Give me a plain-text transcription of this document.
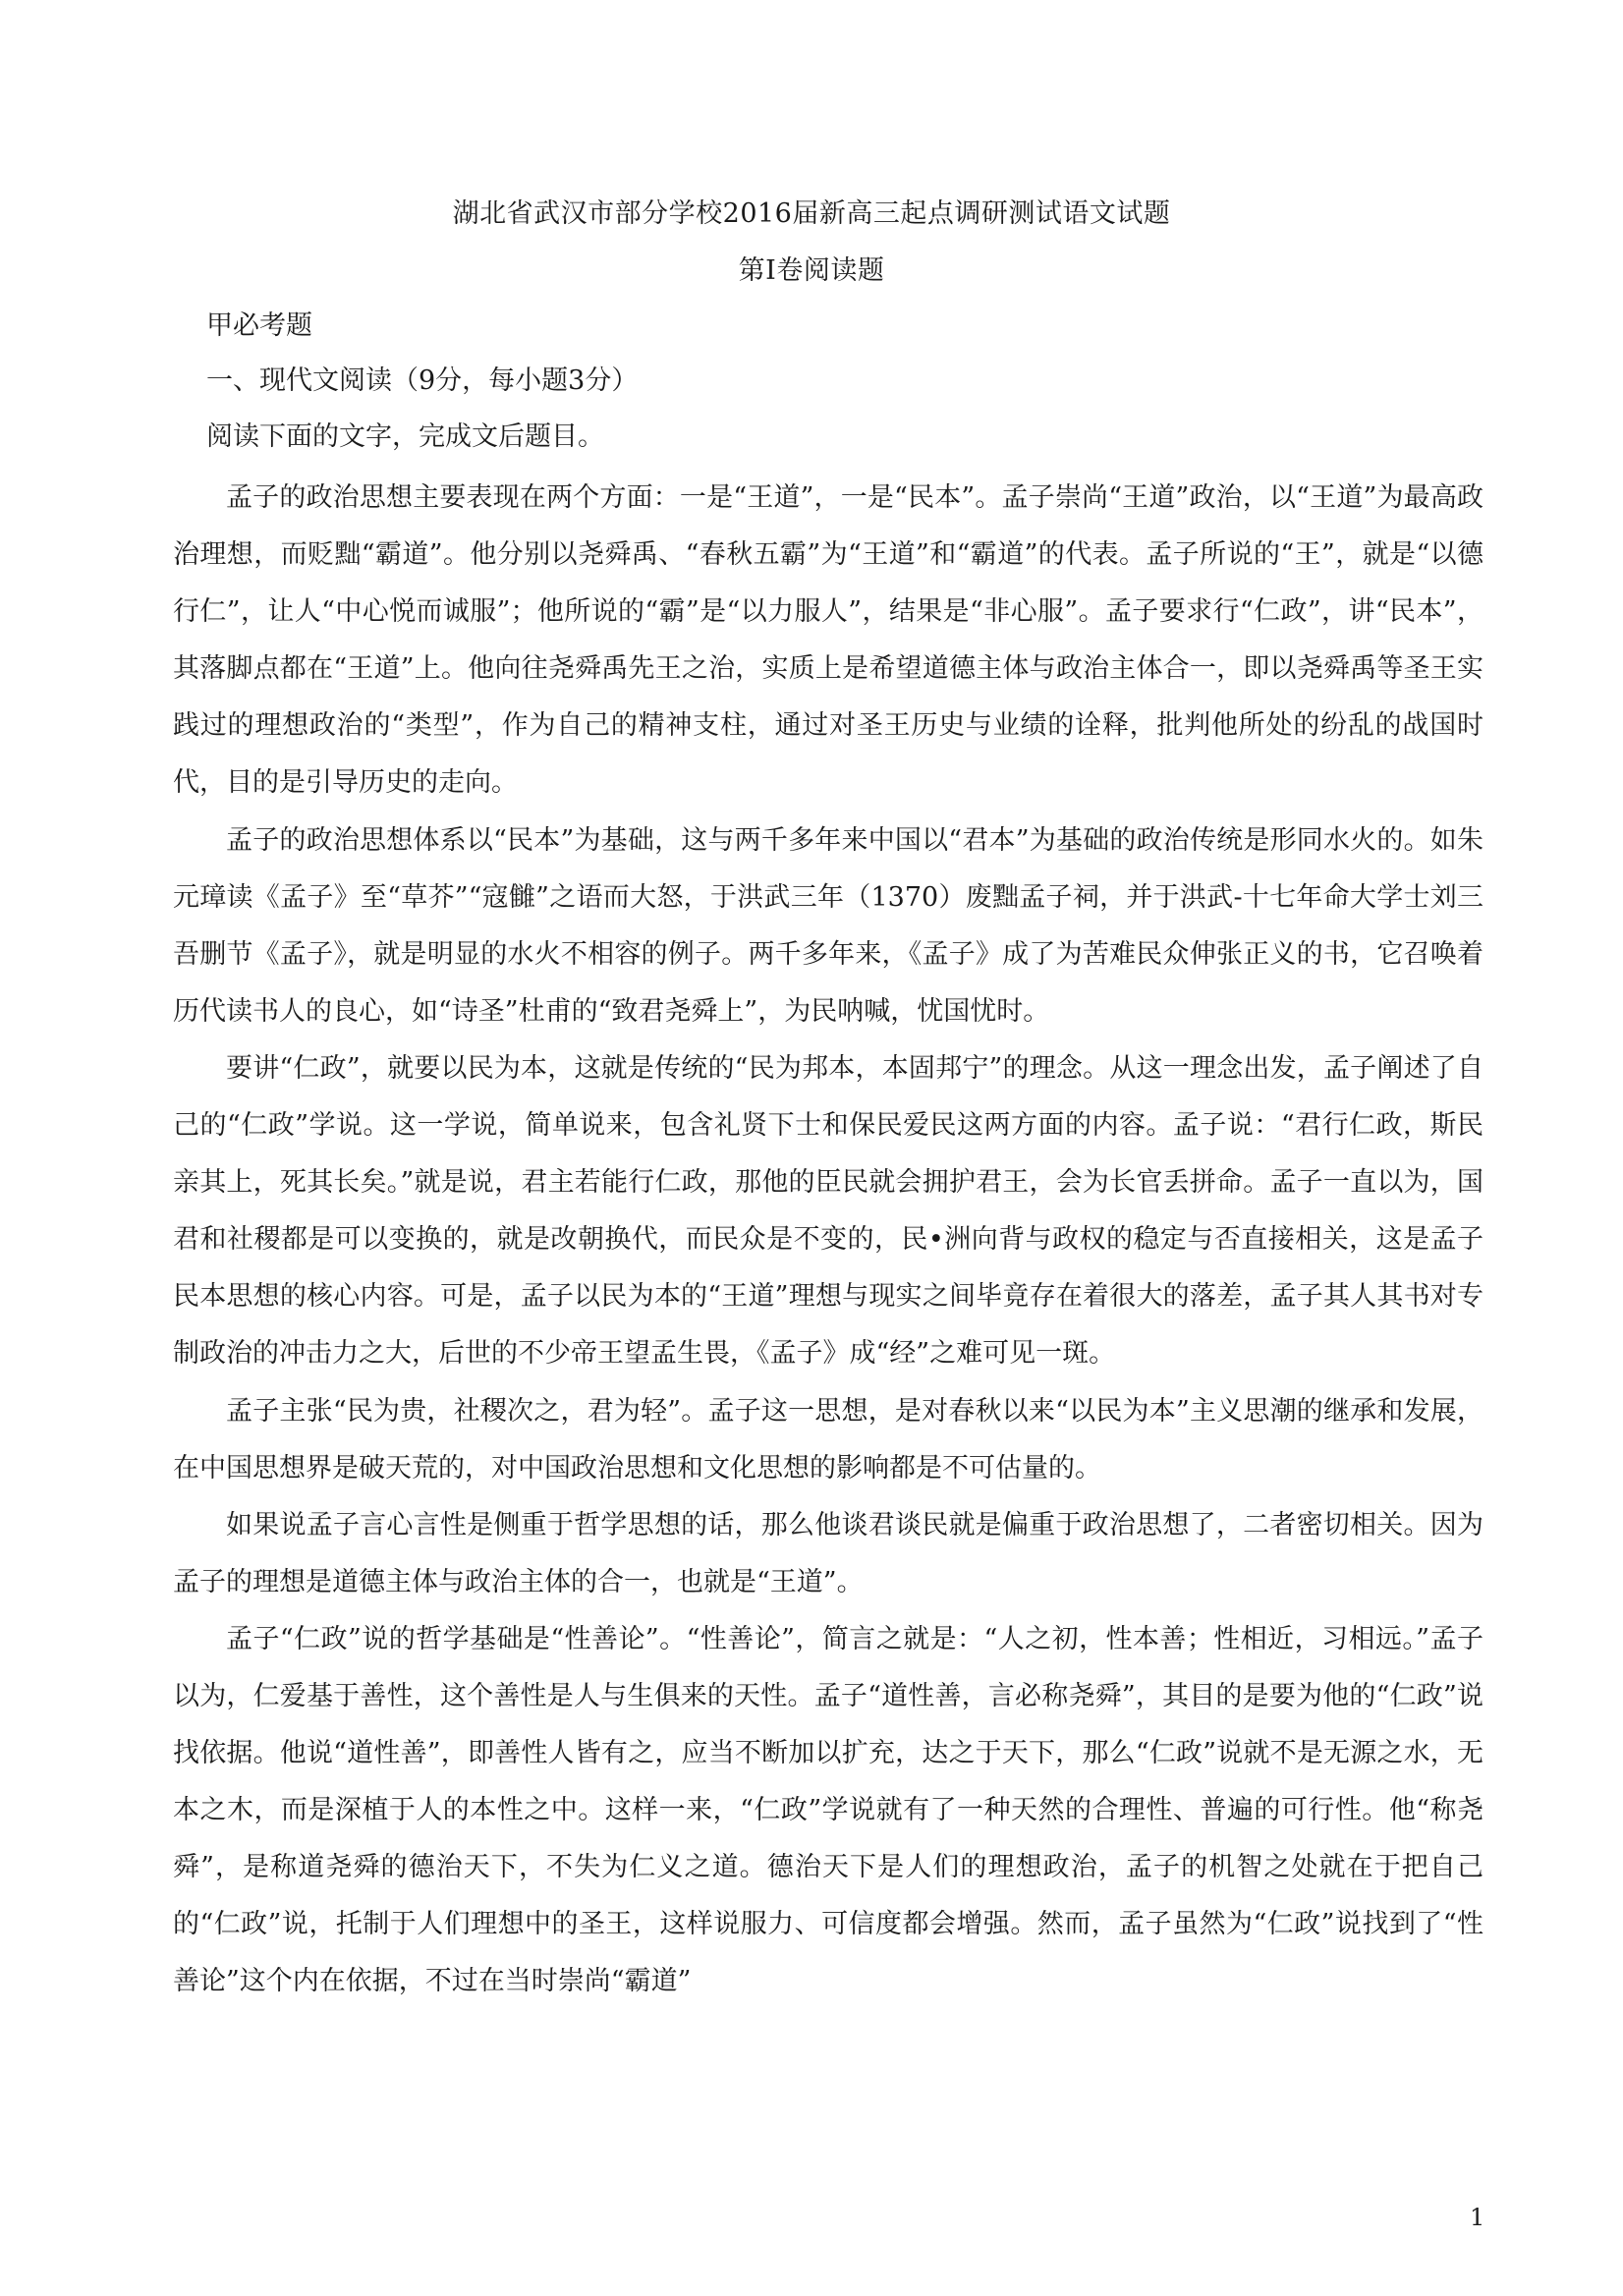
湖北省武汉市部分学校2016届新高三起点调研测试语文试题
第I卷阅读题
甲必考题
一、现代文阅读（9分，每小题3分）
阅读下面的文字，完成文后题目。

孟子的政治思想主要表现在两个方面：一是“王道”，一是“民本”。孟子崇尚“王道”政治，以“王道”为最高政治理想，而贬黜“霸道”。他分别以尧舜禹、“春秋五霸”为“王道”和“霸道”的代表。孟子所说的“王”，就是“以德行仁”，让人“中心悦而诚服”；他所说的“霸”是“以力服人”，结果是“非心服”。孟子要求行“仁政”，讲“民本”，其落脚点都在“王道”上。他向往尧舜禹先王之治，实质上是希望道德主体与政治主体合一，即以尧舜禹等圣王实践过的理想政治的“类型”，作为自己的精神支柱，通过对圣王历史与业绩的诠释，批判他所处的纷乱的战国时代，目的是引导历史的走向。

孟子的政治思想体系以“民本”为基础，这与两千多年来中国以“君本”为基础的政治传统是形同水火的。如朱元璋读《孟子》至“草芥”“寇雠”之语而大怒，于洪武三年（1370）废黜孟子祠，并于洪武-十七年命大学士刘三吾删节《孟子》，就是明显的水火不相容的例子。两千多年来，《孟子》成了为苦难民众伸张正义的书，它召唤着历代读书人的良心，如“诗圣”杜甫的“致君尧舜上”，为民呐喊，忧国忧时。

要讲“仁政”，就要以民为本，这就是传统的“民为邦本，本固邦宁”的理念。从这一理念出发，孟子阐述了自己的“仁政”学说。这一学说，简单说来，包含礼贤下士和保民爱民这两方面的内容。孟子说：“君行仁政，斯民亲其上，死其长矣。”就是说，君主若能行仁政，那他的臣民就会拥护君王，会为长官丢拼命。孟子一直以为，国君和社稷都是可以变换的，就是改朝换代，而民众是不变的，民•洲向背与政权的稳定与否直接相关，这是孟子民本思想的核心内容。可是，孟子以民为本的“王道”理想与现实之间毕竟存在着很大的落差，孟子其人其书对专制政治的冲击力之大，后世的不少帝王望孟生畏，《孟子》成“经”之难可见一斑。

孟子主张“民为贵，社稷次之，君为轻”。孟子这一思想，是对春秋以来“以民为本”主义思潮的继承和发展，在中国思想界是破天荒的，对中国政治思想和文化思想的影响都是不可估量的。

如果说孟子言心言性是侧重于哲学思想的话，那么他谈君谈民就是偏重于政治思想了，二者密切相关。因为孟子的理想是道德主体与政治主体的合一，也就是“王道”。

孟子“仁政”说的哲学基础是“性善论”。“性善论”，简言之就是：“人之初，性本善；性相近，习相远。”孟子以为，仁爱基于善性，这个善性是人与生俱来的天性。孟子“道性善，言必称尧舜”，其目的是要为他的“仁政”说找依据。他说“道性善”，即善性人皆有之，应当不断加以扩充，达之于天下，那么“仁政”说就不是无源之水，无本之木，而是深植于人的本性之中。这样一来，“仁政”学说就有了一种天然的合理性、普遍的可行性。他“称尧舜”，是称道尧舜的德治天下，不失为仁义之道。德治天下是人们的理想政治，孟子的机智之处就在于把自己的“仁政”说，托制于人们理想中的圣王，这样说服力、可信度都会增强。然而，孟子虽然为“仁政”说找到了“性善论”这个内在依据，不过在当时崇尚“霸道”

1
